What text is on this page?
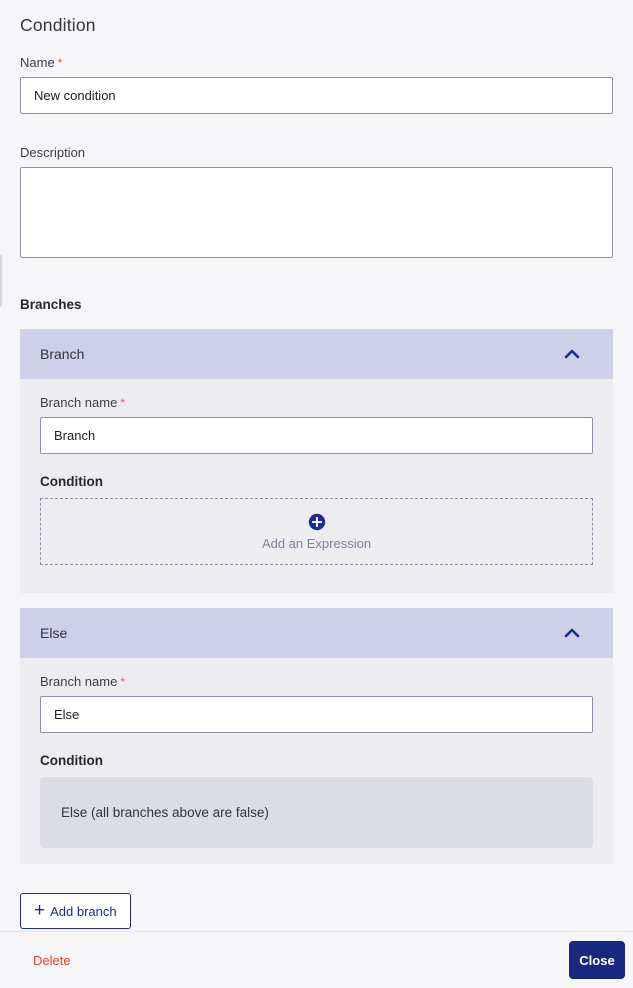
Condition
Name *
New condition
Description
Branches
Branch
Branch name *
Branch
Condition
Add an Expression
Else
Branch name *
Else
Condition
Else (all branches above are false)
+ Add branch
Delete	Close
